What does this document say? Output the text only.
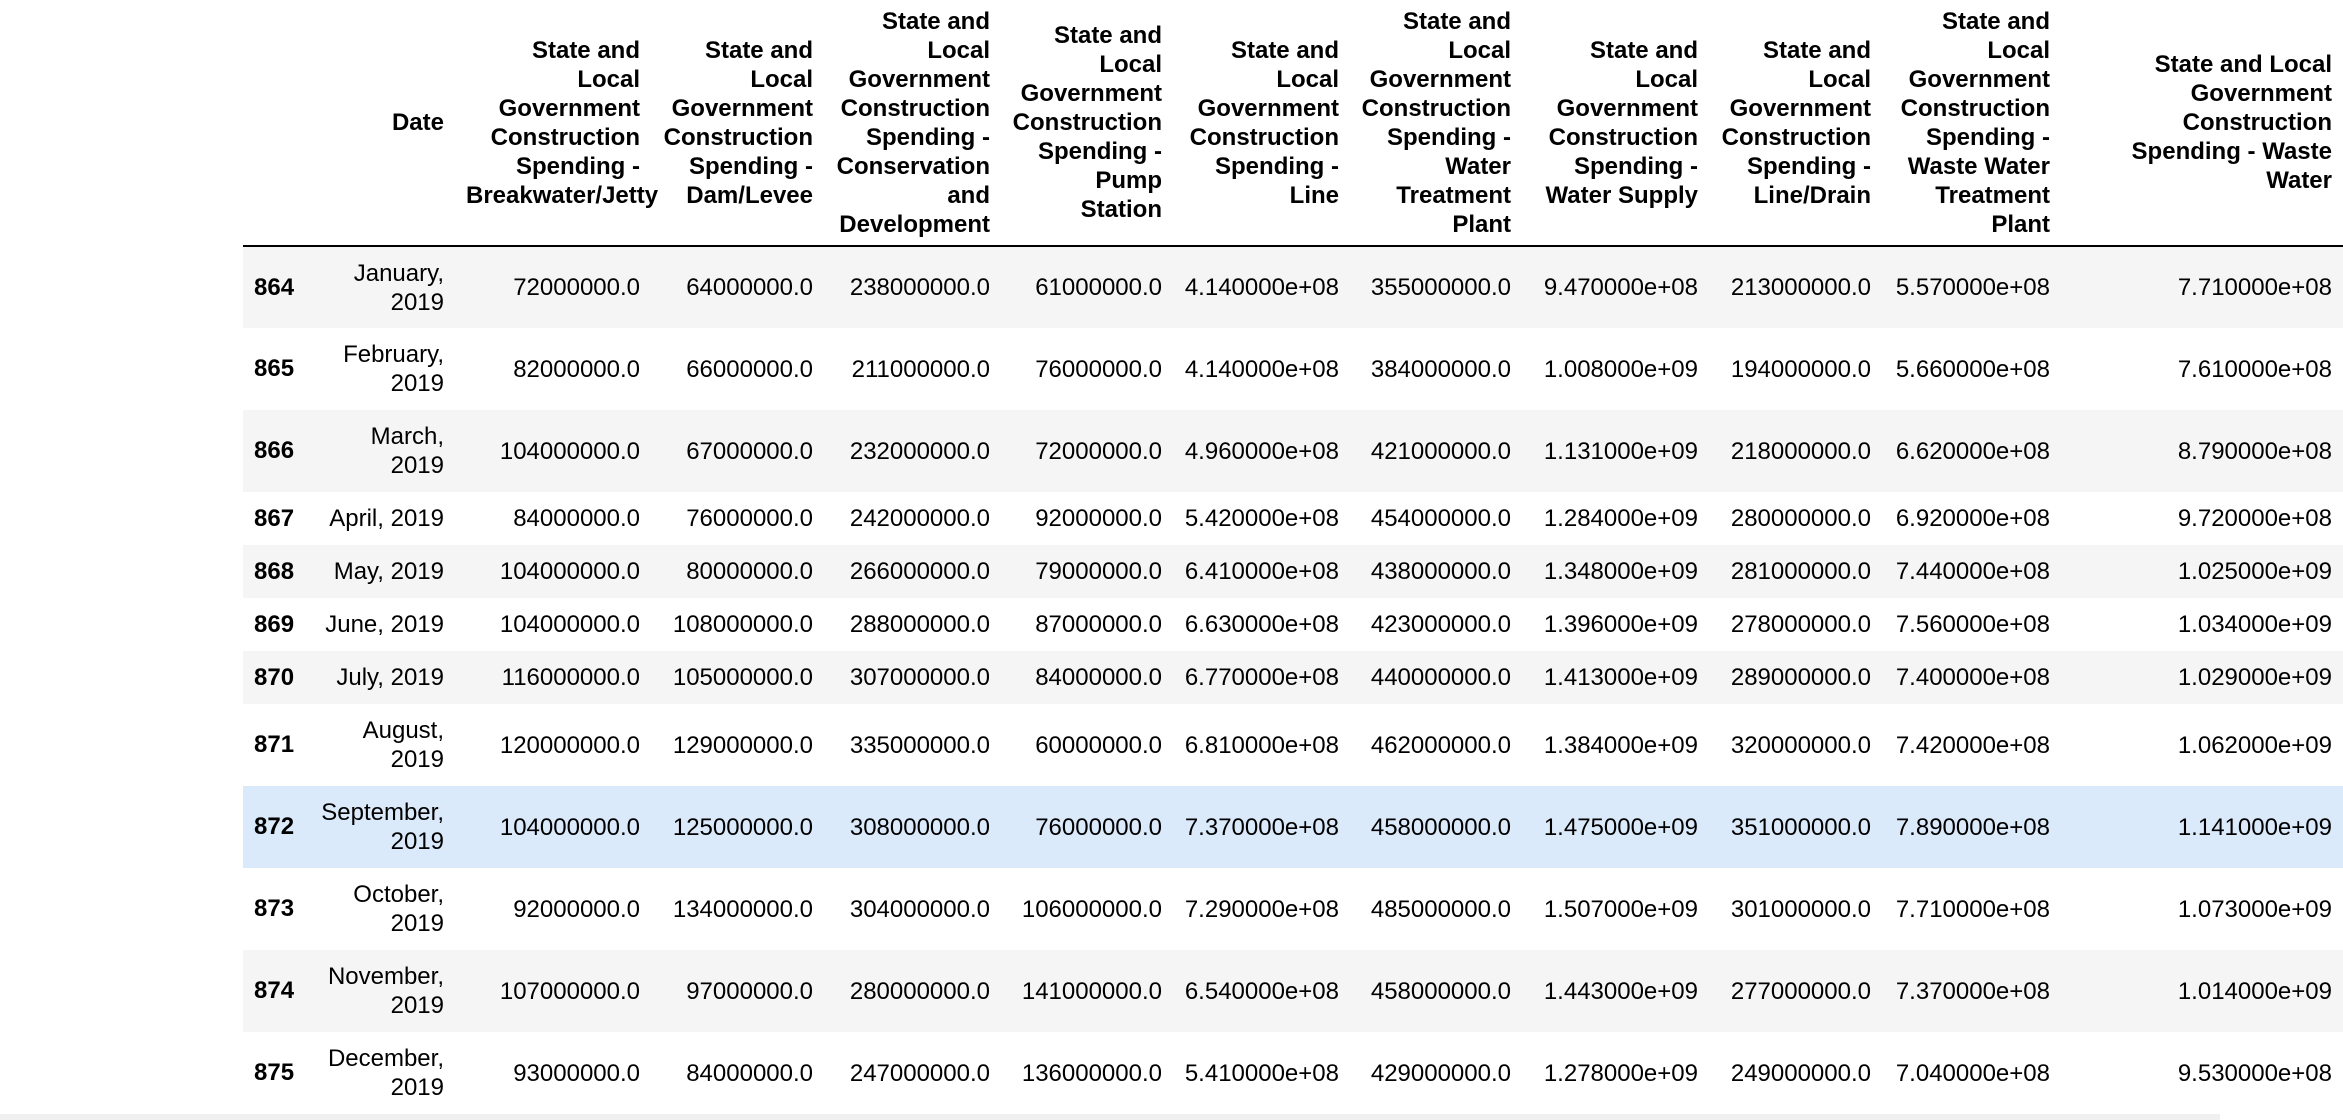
	Date	State and Local Government Construction Spending - Breakwater/Jetty	State and Local Government Construction Spending - Dam/Levee	State and Local Government Construction Spending - Conservation and Development	State and Local Government Construction Spending - Pump Station	State and Local Government Construction Spending - Line	State and Local Government Construction Spending - Water Treatment Plant	State and Local Government Construction Spending - Water Supply	State and Local Government Construction Spending - Line/Drain	State and Local Government Construction Spending - Waste Water Treatment Plant	State and Local Government Construction Spending - Waste Water
864	January, 2019	72000000.0	64000000.0	238000000.0	61000000.0	4.140000e+08	355000000.0	9.470000e+08	213000000.0	5.570000e+08	7.710000e+08
865	February, 2019	82000000.0	66000000.0	211000000.0	76000000.0	4.140000e+08	384000000.0	1.008000e+09	194000000.0	5.660000e+08	7.610000e+08
866	March, 2019	104000000.0	67000000.0	232000000.0	72000000.0	4.960000e+08	421000000.0	1.131000e+09	218000000.0	6.620000e+08	8.790000e+08
867	April, 2019	84000000.0	76000000.0	242000000.0	92000000.0	5.420000e+08	454000000.0	1.284000e+09	280000000.0	6.920000e+08	9.720000e+08
868	May, 2019	104000000.0	80000000.0	266000000.0	79000000.0	6.410000e+08	438000000.0	1.348000e+09	281000000.0	7.440000e+08	1.025000e+09
869	June, 2019	104000000.0	108000000.0	288000000.0	87000000.0	6.630000e+08	423000000.0	1.396000e+09	278000000.0	7.560000e+08	1.034000e+09
870	July, 2019	116000000.0	105000000.0	307000000.0	84000000.0	6.770000e+08	440000000.0	1.413000e+09	289000000.0	7.400000e+08	1.029000e+09
871	August, 2019	120000000.0	129000000.0	335000000.0	60000000.0	6.810000e+08	462000000.0	1.384000e+09	320000000.0	7.420000e+08	1.062000e+09
872	September, 2019	104000000.0	125000000.0	308000000.0	76000000.0	7.370000e+08	458000000.0	1.475000e+09	351000000.0	7.890000e+08	1.141000e+09
873	October, 2019	92000000.0	134000000.0	304000000.0	106000000.0	7.290000e+08	485000000.0	1.507000e+09	301000000.0	7.710000e+08	1.073000e+09
874	November, 2019	107000000.0	97000000.0	280000000.0	141000000.0	6.540000e+08	458000000.0	1.443000e+09	277000000.0	7.370000e+08	1.014000e+09
875	December, 2019	93000000.0	84000000.0	247000000.0	136000000.0	5.410000e+08	429000000.0	1.278000e+09	249000000.0	7.040000e+08	9.530000e+08
